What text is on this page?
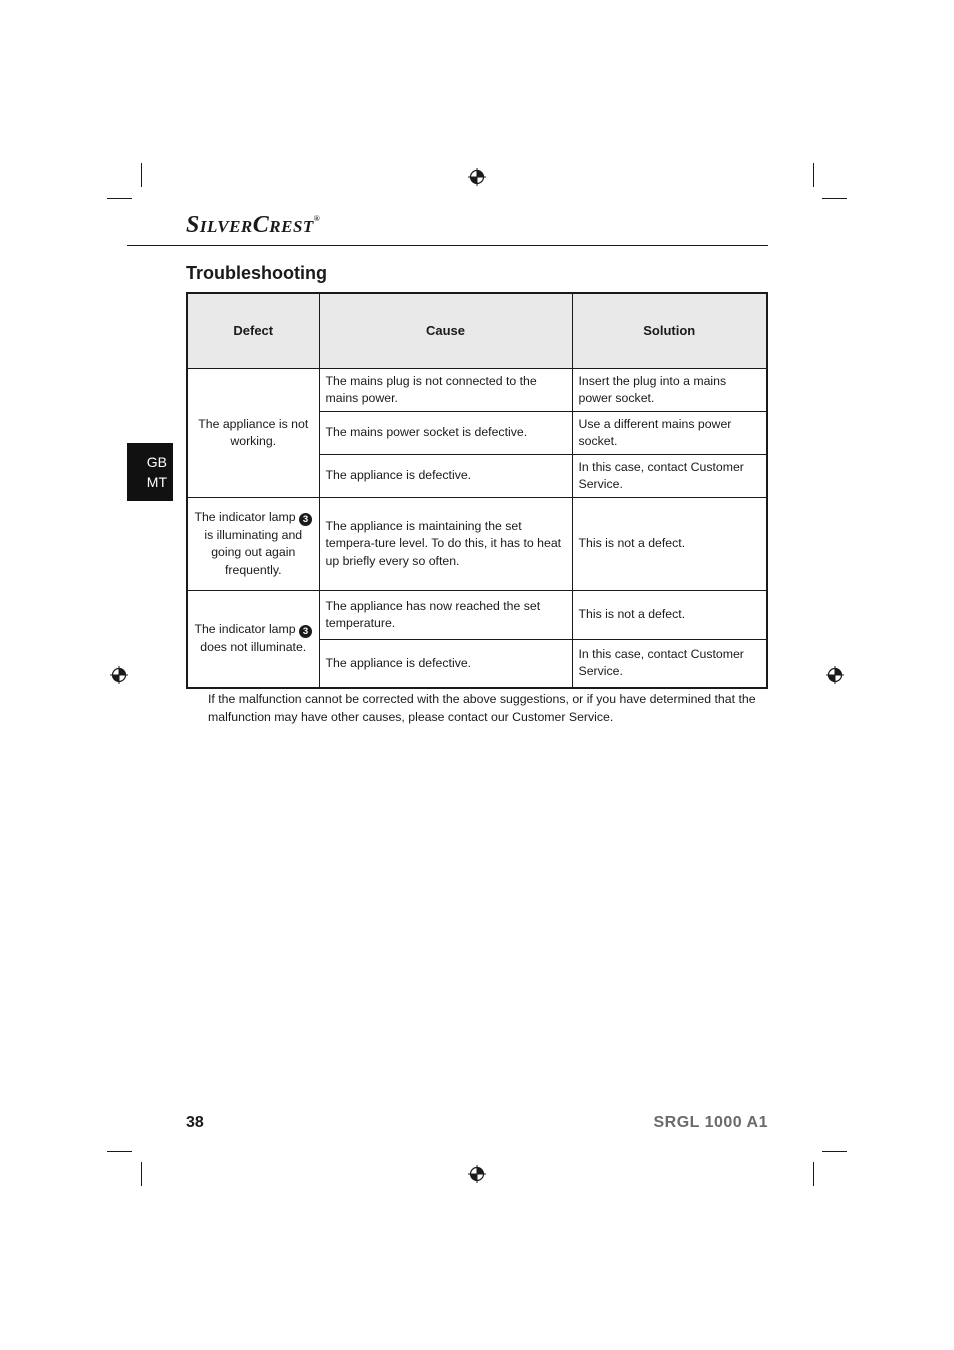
SILVERCREST®
Troubleshooting
GB
MT
Defect	Cause	Solution
The appliance is not working.	The mains plug is not connected to the mains power.	Insert the plug into a mains power socket.
	The mains power socket is defective.	Use a different mains power socket.
	The appliance is defective.	In this case, contact Customer Service.
The indicator lamp 3 is illuminating and going out again frequently.	The appliance is maintaining the set tempera-ture level. To do this, it has to heat up briefly every so often.	This is not a defect.
The indicator lamp 3 does not illuminate.	The appliance has now reached the set temperature.	This is not a defect.
	The appliance is defective.	In this case, contact Customer Service.

If the malfunction cannot be corrected with the above suggestions, or if you have determined that the malfunction may have other causes, please contact our Customer Service.

38	SRGL 1000 A1
